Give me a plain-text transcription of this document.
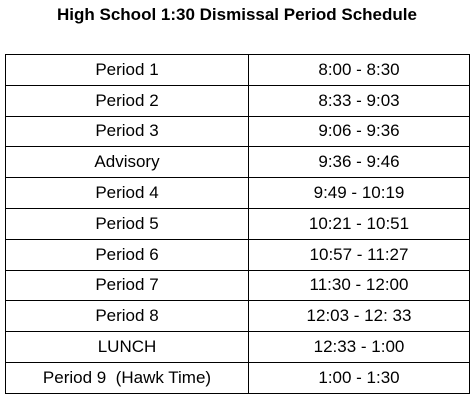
High School 1:30 Dismissal Period Schedule
Period 1	8:00 - 8:30
Period 2	8:33 - 9:03
Period 3	9:06 - 9:36
Advisory	9:36 - 9:46
Period 4	9:49 - 10:19
Period 5	10:21 - 10:51
Period 6	10:57 - 11:27
Period 7	11:30 - 12:00
Period 8	12:03 - 12: 33
LUNCH	12:33 - 1:00
Period 9  (Hawk Time)	1:00 - 1:30
